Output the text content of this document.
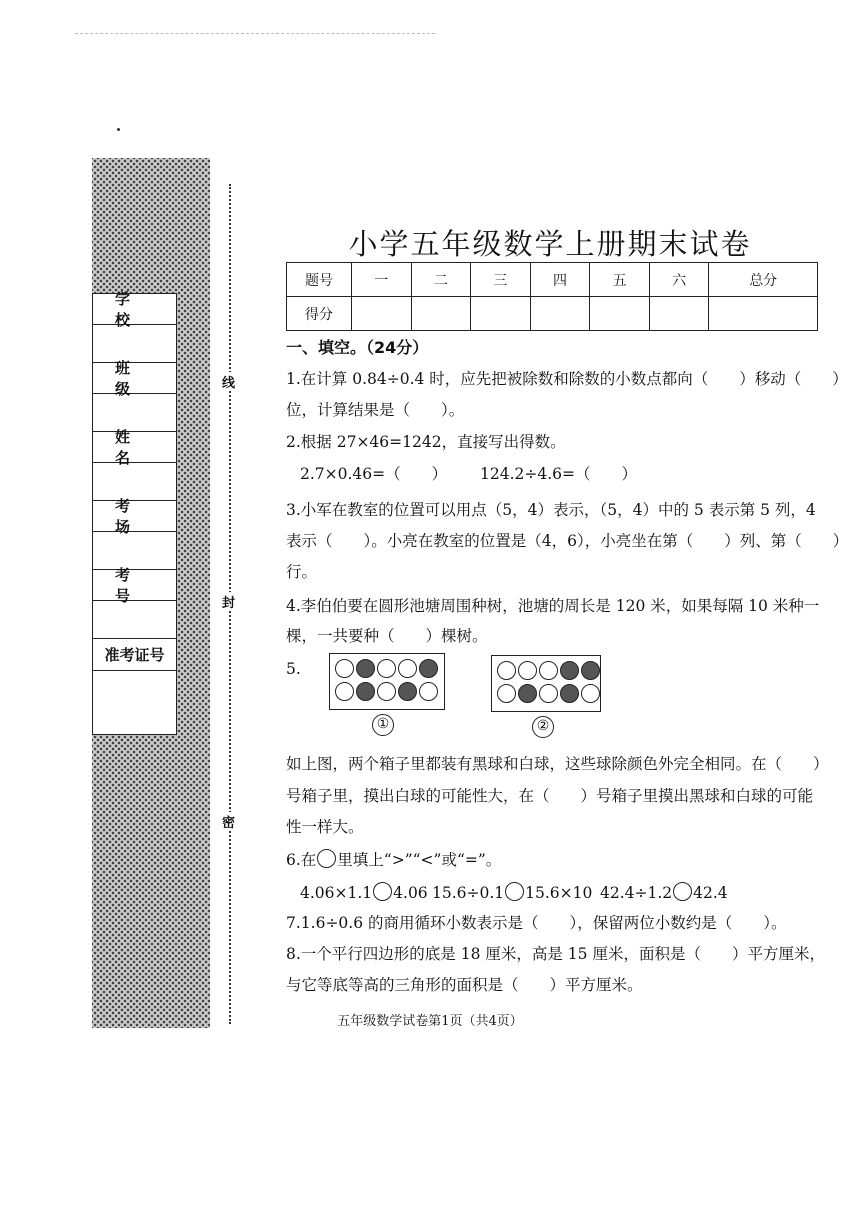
学校
班级
姓名
考场
考号
准考证号
线
封
密
小学五年级数学上册期末试卷
题号	一	二	三	四	五	六	总分
得分							
一、填空。（24分）
1.在计算 0.84÷0.4 时，应先把被除数和除数的小数点都向（　　）移动（　　）
位，计算结果是（　　）。
2.根据 27×46=1242，直接写出得数。
2.7×0.46=（　　） 124.2÷4.6=（　　）
3.小军在教室的位置可以用点（5，4）表示，（5，4）中的 5 表示第 5 列，4
表示（　　）。小亮在教室的位置是（4，6），小亮坐在第（　　）列、第（　　）
行。
4.李伯伯要在圆形池塘周围种树，池塘的周长是 120 米，如果每隔 10 米种一
棵，一共要种（　　）棵树。
5.
①	②
如上图，两个箱子里都装有黑球和白球，这些球除颜色外完全相同。在（　　）
号箱子里，摸出白球的可能性大，在（　　）号箱子里摸出黑球和白球的可能
性一样大。
6.在 里填上“>”“<”或“=”。
4.06×1.1 4.06 15.6÷0.1 15.6×10 42.4÷1.2 42.4
7.1.6÷0.6 的商用循环小数表示是（　　），保留两位小数约是（　　）。
8.一个平行四边形的底是 18 厘米，高是 15 厘米，面积是（　　）平方厘米，
与它等底等高的三角形的面积是（　　）平方厘米。
五年级数学试卷第1页（共4页）
